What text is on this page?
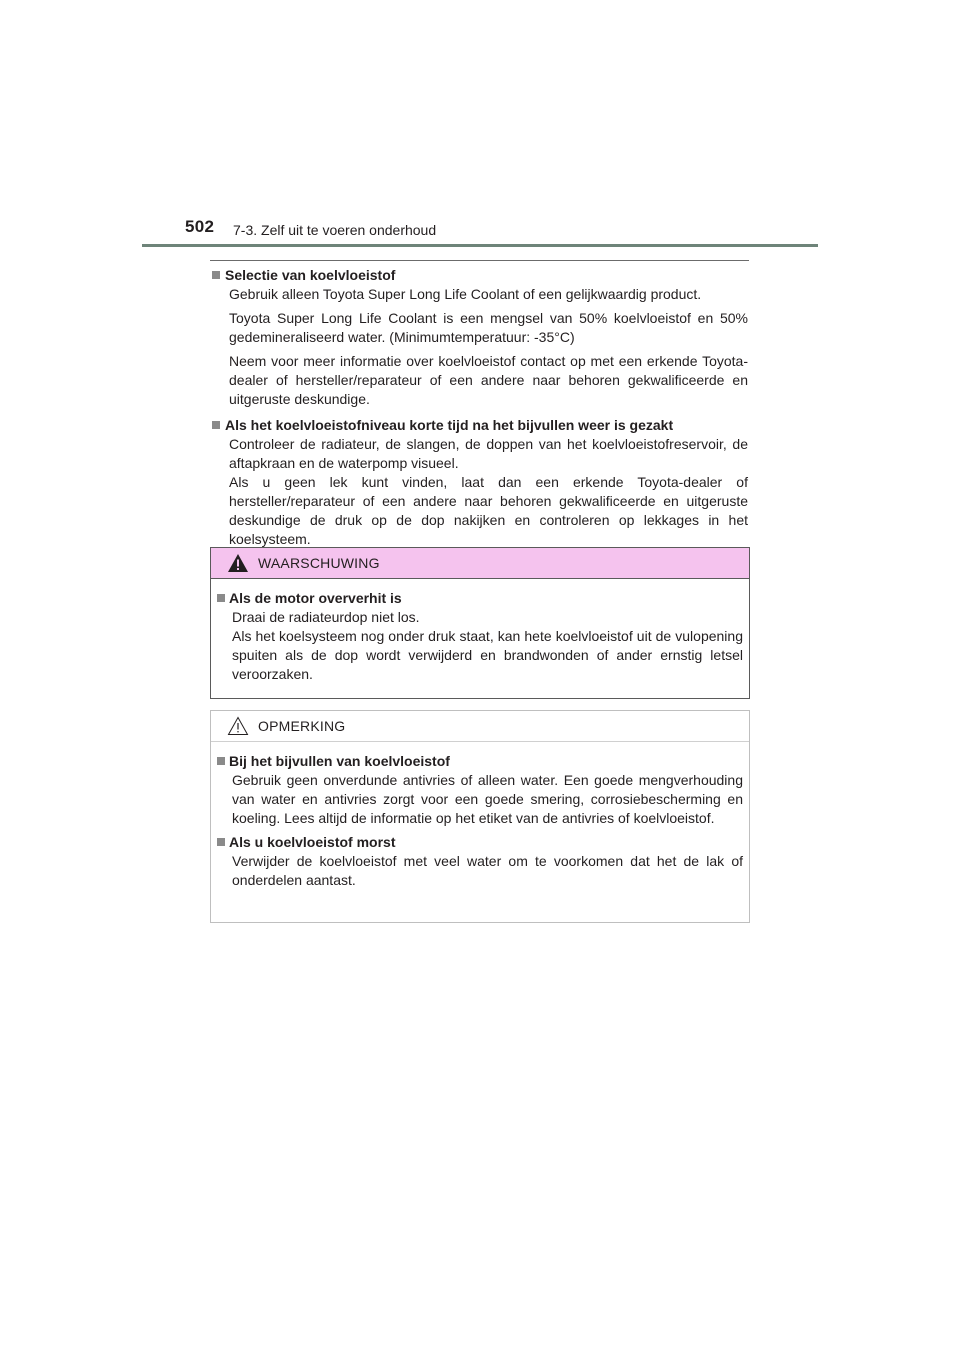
502 7-3. Zelf uit te voeren onderhoud
Selectie van koelvloeistof

Gebruik alleen Toyota Super Long Life Coolant of een gelijkwaardig product.

Toyota Super Long Life Coolant is een mengsel van 50% koelvloeistof en 50% gedemineraliseerd water. (Minimumtemperatuur: -35°C)

Neem voor meer informatie over koelvloeistof contact op met een erkende Toyota-dealer of hersteller/reparateur of een andere naar behoren gekwalificeerde en uitgeruste deskundige.

Als het koelvloeistofniveau korte tijd na het bijvullen weer is gezakt

Controleer de radiateur, de slangen, de doppen van het koelvloeistofreservoir, de aftapkraan en de waterpomp visueel.

Als u geen lek kunt vinden, laat dan een erkende Toyota-dealer of hersteller/reparateur of een andere naar behoren gekwalificeerde en uitgeruste deskundige de druk op de dop nakijken en controleren op lekkages in het koelsysteem.

WAARSCHUWING
Als de motor oververhit is

Draai de radiateurdop niet los.

Als het koelsysteem nog onder druk staat, kan hete koelvloeistof uit de vulopening spuiten als de dop wordt verwijderd en brandwonden of ander ernstig letsel veroorzaken.

OPMERKING
Bij het bijvullen van koelvloeistof

Gebruik geen onverdunde antivries of alleen water. Een goede mengverhouding van water en antivries zorgt voor een goede smering, corrosiebescherming en koeling. Lees altijd de informatie op het etiket van de antivries of koelvloeistof.

Als u koelvloeistof morst

Verwijder de koelvloeistof met veel water om te voorkomen dat het de lak of onderdelen aantast.
